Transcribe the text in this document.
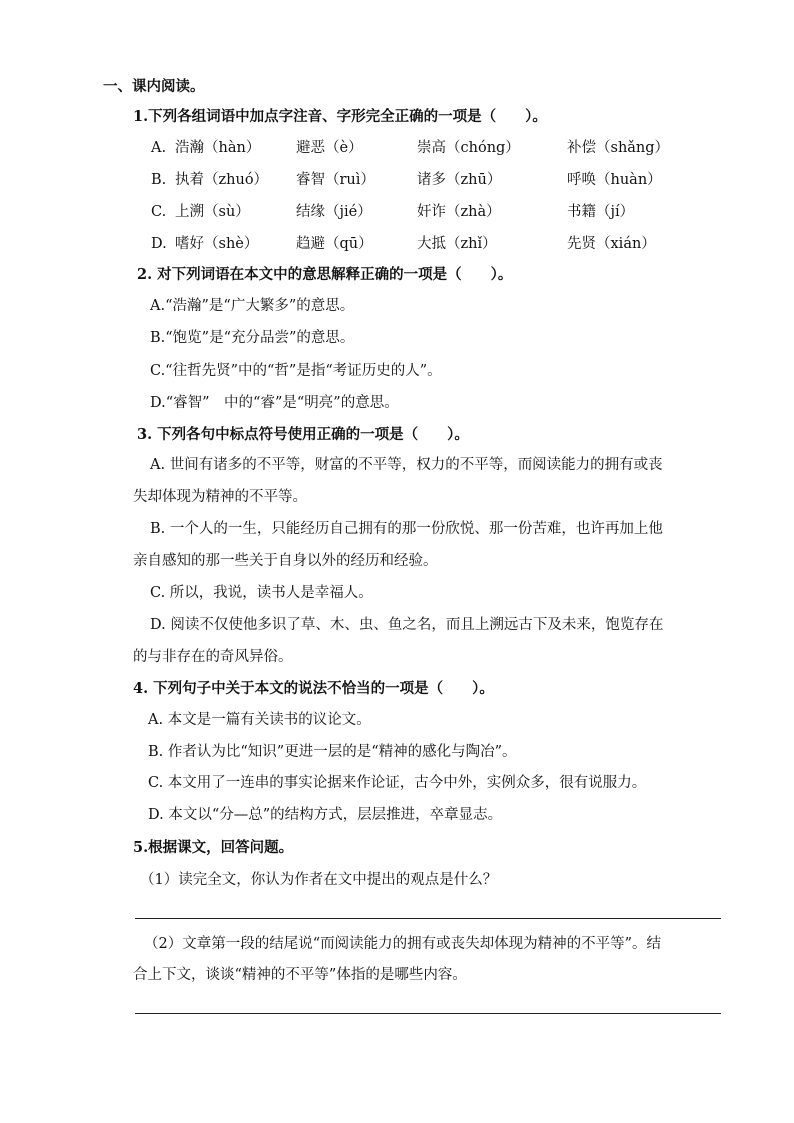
一、课内阅读。
1.下列各组词语中加点字注音、字形完全正确的一项是（　　）。
A. 浩瀚（hàn） 避恶（è）	崇高（chóng）	补偿（shǎng）
B. 执着（zhuó） 睿智（ruì）	诸多（zhū）	呼唤（huàn）
C. 上溯（sù）	结缘（jié）	奸诈（zhà）	书籍（jí）
D. 嗜好（shè）	趋避（qū）	大抵（zhǐ）	先贤（xián）
2. 对下列词语在本文中的意思解释正确的一项是（　　）。
A.“浩瀚”是“广大繁多”的意思。
B.“饱览”是“充分品尝”的意思。
C.“往哲先贤”中的“哲”是指“考证历史的人”。
D.“睿智”　中的“睿”是“明亮”的意思。
3. 下列各句中标点符号使用正确的一项是（　　）。
A. 世间有诸多的不平等，财富的不平等，权力的不平等，而阅读能力的拥有或丧
失却体现为精神的不平等。
B. 一个人的一生，只能经历自己拥有的那一份欣悦、那一份苦难，也许再加上他
亲自感知的那一些关于自身以外的经历和经验。
C. 所以，我说，读书人是幸福人。
D. 阅读不仅使他多识了草、木、虫、鱼之名，而且上溯远古下及未来，饱览存在
的与非存在的奇风异俗。
4. 下列句子中关于本文的说法不恰当的一项是（　　）。
A. 本文是一篇有关读书的议论文。
B. 作者认为比“知识”更进一层的是“精神的感化与陶冶”。
C. 本文用了一连串的事实论据来作论证，古今中外，实例众多，很有说服力。
D. 本文以“分—总”的结构方式，层层推进，卒章显志。
5.根据课文，回答问题。
（1）读完全文，你认为作者在文中提出的观点是什么？
（2）文章第一段的结尾说“而阅读能力的拥有或丧失却体现为精神的不平等”。结
合上下文，谈谈“精神的不平等”体指的是哪些内容。
